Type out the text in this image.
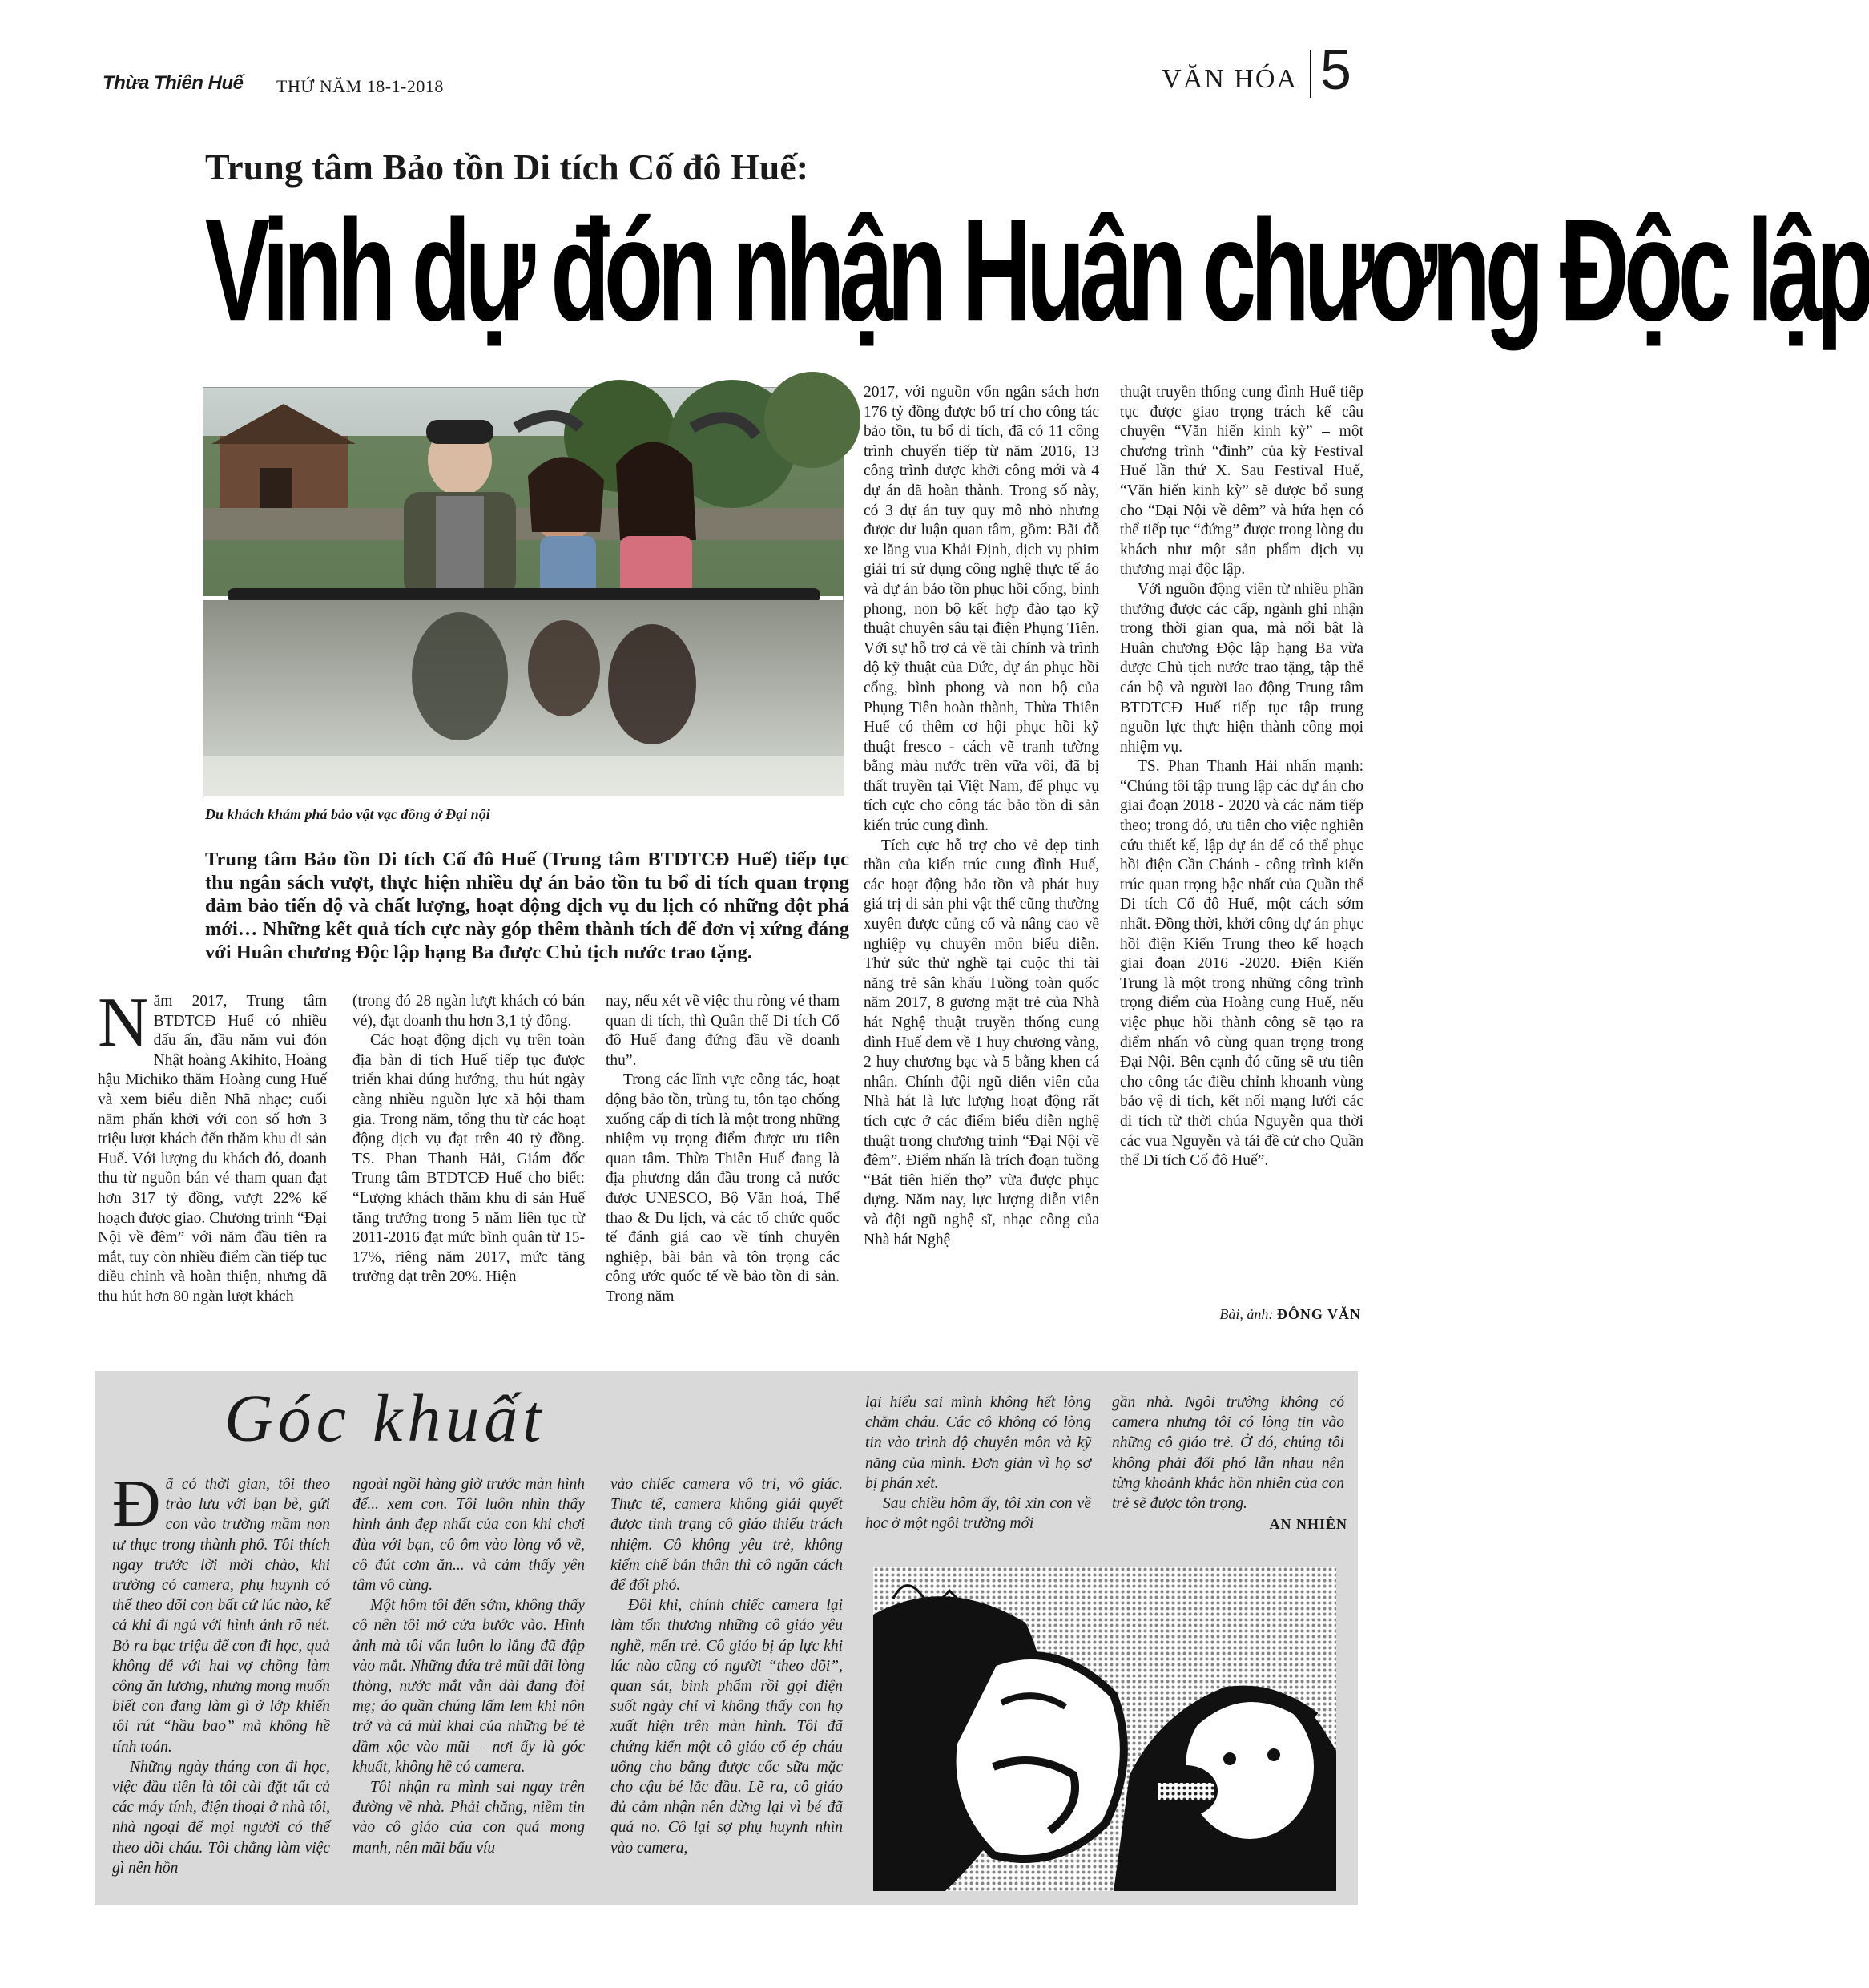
Thừa Thiên Huế THỨ NĂM 18-1-2018	VĂN HÓA 5
Trung tâm Bảo tồn Di tích Cố đô Huế:
Vinh dự đón nhận Huân chương Độc lập
Du khách khám phá bảo vật vạc đồng ở Đại nội
Trung tâm Bảo tồn Di tích Cố đô Huế (Trung tâm BTDTCĐ Huế) tiếp tục thu ngân sách vượt, thực hiện nhiều dự án bảo tồn tu bổ di tích quan trọng đảm bảo tiến độ và chất lượng, hoạt động dịch vụ du lịch có những đột phá mới… Những kết quả tích cực này góp thêm thành tích để đơn vị xứng đáng với Huân chương Độc lập hạng Ba được Chủ tịch nước trao tặng.

Năm 2017, Trung tâm BTDTCĐ Huế có nhiều dấu ấn, đầu năm vui đón Nhật hoàng Akihito, Hoàng hậu Michiko thăm Hoàng cung Huế và xem biểu diễn Nhã nhạc; cuối năm phấn khởi với con số hơn 3 triệu lượt khách đến thăm khu di sản Huế. Với lượng du khách đó, doanh thu từ nguồn bán vé tham quan đạt hơn 317 tỷ đồng, vượt 22% kế hoạch được giao. Chương trình “Đại Nội về đêm” với năm đầu tiên ra mắt, tuy còn nhiều điểm cần tiếp tục điều chỉnh và hoàn thiện, nhưng đã thu hút hơn 80 ngàn lượt khách

(trong đó 28 ngàn lượt khách có bán vé), đạt doanh thu hơn 3,1 tỷ đồng.

Các hoạt động dịch vụ trên toàn địa bàn di tích Huế tiếp tục được triển khai đúng hướng, thu hút ngày càng nhiều nguồn lực xã hội tham gia. Trong năm, tổng thu từ các hoạt động dịch vụ đạt trên 40 tỷ đồng. TS. Phan Thanh Hải, Giám đốc Trung tâm BTDTCĐ Huế cho biết: “Lượng khách thăm khu di sản Huế tăng trưởng trong 5 năm liên tục từ 2011-2016 đạt mức bình quân từ 15-17%, riêng năm 2017, mức tăng trưởng đạt trên 20%. Hiện

nay, nếu xét về việc thu ròng vé tham quan di tích, thì Quần thể Di tích Cố đô Huế đang đứng đầu về doanh thu”.

Trong các lĩnh vực công tác, hoạt động bảo tồn, trùng tu, tôn tạo chống xuống cấp di tích là một trong những nhiệm vụ trọng điểm được ưu tiên quan tâm. Thừa Thiên Huế đang là địa phương dẫn đầu trong cả nước được UNESCO, Bộ Văn hoá, Thể thao & Du lịch, và các tổ chức quốc tế đánh giá cao về tính chuyên nghiệp, bài bản và tôn trọng các công ước quốc tế về bảo tồn di sản. Trong năm

2017, với nguồn vốn ngân sách hơn 176 tỷ đồng được bố trí cho công tác bảo tồn, tu bổ di tích, đã có 11 công trình chuyển tiếp từ năm 2016, 13 công trình được khởi công mới và 4 dự án đã hoàn thành. Trong số này, có 3 dự án tuy quy mô nhỏ nhưng được dư luận quan tâm, gồm: Bãi đỗ xe lăng vua Khải Định, dịch vụ phim giải trí sử dụng công nghệ thực tế ảo và dự án bảo tồn phục hồi cổng, bình phong, non bộ kết hợp đào tạo kỹ thuật chuyên sâu tại điện Phụng Tiên. Với sự hỗ trợ cả về tài chính và trình độ kỹ thuật của Đức, dự án phục hồi cổng, bình phong và non bộ của Phụng Tiên hoàn thành, Thừa Thiên Huế có thêm cơ hội phục hồi kỹ thuật fresco - cách vẽ tranh tường bằng màu nước trên vữa vôi, đã bị thất truyền tại Việt Nam, để phục vụ tích cực cho công tác bảo tồn di sản kiến trúc cung đình.

Tích cực hỗ trợ cho vẻ đẹp tinh thần của kiến trúc cung đình Huế, các hoạt động bảo tồn và phát huy giá trị di sản phi vật thể cũng thường xuyên được củng cố và nâng cao về nghiệp vụ chuyên môn biểu diễn. Thử sức thử nghề tại cuộc thi tài năng trẻ sân khấu Tuồng toàn quốc năm 2017, 8 gương mặt trẻ của Nhà hát Nghệ thuật truyền thống cung đình Huế đem về 1 huy chương vàng, 2 huy chương bạc và 5 bằng khen cá nhân. Chính đội ngũ diễn viên của Nhà hát là lực lượng hoạt động rất tích cực ở các điểm biểu diễn nghệ thuật trong chương trình “Đại Nội về đêm”. Điểm nhấn là trích đoạn tuồng “Bát tiên hiến thọ” vừa được phục dựng. Năm nay, lực lượng diễn viên và đội ngũ nghệ sĩ, nhạc công của Nhà hát Nghệ

thuật truyền thống cung đình Huế tiếp tục được giao trọng trách kể câu chuyện “Văn hiến kinh kỳ” – một chương trình “đinh” của kỳ Festival Huế lần thứ X. Sau Festival Huế, “Văn hiến kinh kỳ” sẽ được bổ sung cho “Đại Nội về đêm” và hứa hẹn có thể tiếp tục “đứng” được trong lòng du khách như một sản phẩm dịch vụ thương mại độc lập.

Với nguồn động viên từ nhiều phần thưởng được các cấp, ngành ghi nhận trong thời gian qua, mà nổi bật là Huân chương Độc lập hạng Ba vừa được Chủ tịch nước trao tặng, tập thể cán bộ và người lao động Trung tâm BTDTCĐ Huế tiếp tục tập trung nguồn lực thực hiện thành công mọi nhiệm vụ.

TS. Phan Thanh Hải nhấn mạnh: “Chúng tôi tập trung lập các dự án cho giai đoạn 2018 - 2020 và các năm tiếp theo; trong đó, ưu tiên cho việc nghiên cứu thiết kế, lập dự án để có thể phục hồi điện Cần Chánh - công trình kiến trúc quan trọng bậc nhất của Quần thể Di tích Cố đô Huế, một cách sớm nhất. Đồng thời, khởi công dự án phục hồi điện Kiến Trung theo kế hoạch giai đoạn 2016 -2020. Điện Kiến Trung là một trong những công trình trọng điểm của Hoàng cung Huế, nếu việc phục hồi thành công sẽ tạo ra điểm nhấn vô cùng quan trọng trong Đại Nội. Bên cạnh đó cũng sẽ ưu tiên cho công tác điều chỉnh khoanh vùng bảo vệ di tích, kết nối mạng lưới các di tích từ thời chúa Nguyễn qua thời các vua Nguyễn và tái đề cử cho Quần thể Di tích Cố đô Huế”.

Bài, ảnh: ĐÔNG VĂN
Góc khuất

Đã có thời gian, tôi theo trào lưu với bạn bè, gửi con vào trường mầm non tư thục trong thành phố. Tôi thích ngay trước lời mời chào, khi trường có camera, phụ huynh có thể theo dõi con bất cứ lúc nào, kể cả khi đi ngủ với hình ảnh rõ nét. Bỏ ra bạc triệu để con đi học, quả không dễ với hai vợ chồng làm công ăn lương, nhưng mong muốn biết con đang làm gì ở lớp khiến tôi rút “hầu bao” mà không hề tính toán.

Những ngày tháng con đi học, việc đầu tiên là tôi cài đặt tất cả các máy tính, điện thoại ở nhà tôi, nhà ngoại để mọi người có thể theo dõi cháu. Tôi chẳng làm việc gì nên hồn

ngoài ngồi hàng giờ trước màn hình để... xem con. Tôi luôn nhìn thấy hình ảnh đẹp nhất của con khi chơi đùa với bạn, cô ôm vào lòng vỗ về, cô đút cơm ăn... và cảm thấy yên tâm vô cùng.

Một hôm tôi đến sớm, không thấy cô nên tôi mở cửa bước vào. Hình ảnh mà tôi vẫn luôn lo lắng đã đập vào mắt. Những đứa trẻ mũi dãi lòng thòng, nước mắt vẫn dài đang đòi mẹ; áo quần chúng lấm lem khi nôn trớ và cả mùi khai của những bé tè dầm xộc vào mũi – nơi ấy là góc khuất, không hề có camera.

Tôi nhận ra mình sai ngay trên đường về nhà. Phải chăng, niềm tin vào cô giáo của con quá mong manh, nên mãi bấu víu

vào chiếc camera vô tri, vô giác. Thực tế, camera không giải quyết được tình trạng cô giáo thiếu trách nhiệm. Cô không yêu trẻ, không kiểm chế bản thân thì cô ngăn cách để đối phó.

Đôi khi, chính chiếc camera lại làm tổn thương những cô giáo yêu nghề, mến trẻ. Cô giáo bị áp lực khi lúc nào cũng có người “theo dõi”, quan sát, bình phẩm rồi gọi điện suốt ngày chỉ vì không thấy con họ xuất hiện trên màn hình. Tôi đã chứng kiến một cô giáo cố ép cháu uống cho bằng được cốc sữa mặc cho cậu bé lắc đầu. Lẽ ra, cô giáo đủ cảm nhận nên dừng lại vì bé đã quá no. Cô lại sợ phụ huynh nhìn vào camera,

lại hiểu sai mình không hết lòng chăm cháu. Các cô không có lòng tin vào trình độ chuyên môn và kỹ năng của mình. Đơn giản vì họ sợ bị phán xét.

Sau chiều hôm ấy, tôi xin con về học ở một ngôi trường mới

gần nhà. Ngôi trường không có camera nhưng tôi có lòng tin vào những cô giáo trẻ. Ở đó, chúng tôi không phải đối phó lẫn nhau nên từng khoảnh khắc hồn nhiên của con trẻ sẽ được tôn trọng.

AN NHIÊN
